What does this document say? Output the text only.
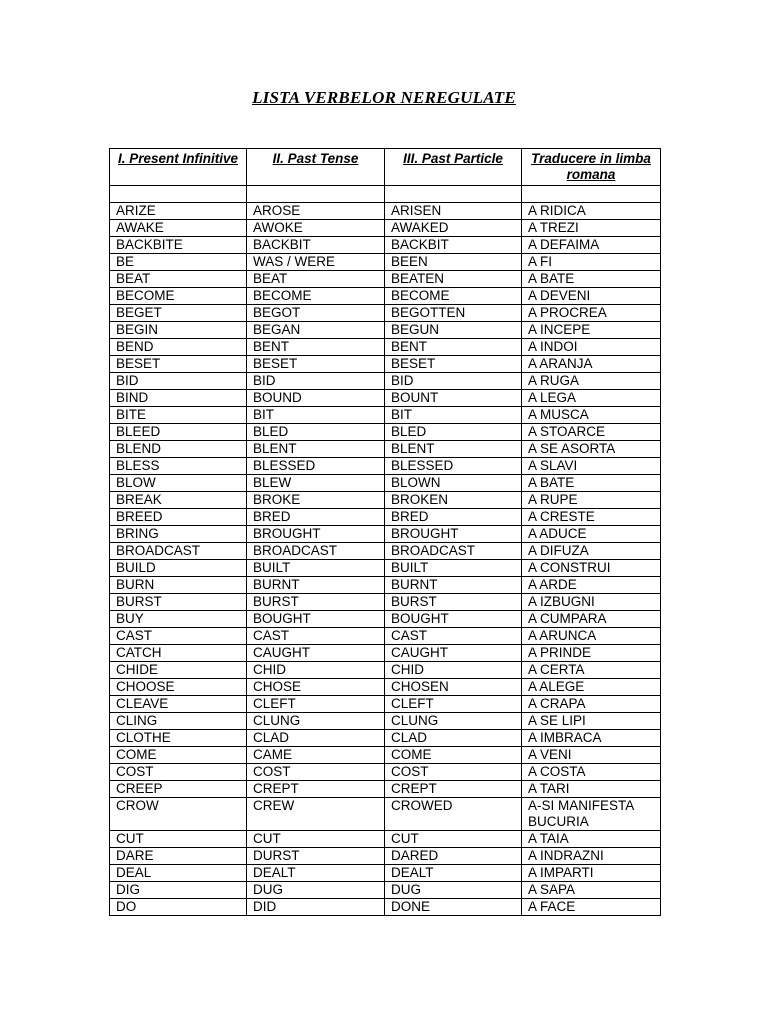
LISTA VERBELOR NEREGULATE
I. Present Infinitive	II. Past Tense	III. Past Particle	Traducere in limba romana

ARIZE	AROSE	ARISEN	A RIDICA
AWAKE	AWOKE	AWAKED	A TREZI
BACKBITE	BACKBIT	BACKBIT	A DEFAIMA
BE	WAS / WERE	BEEN	A FI
BEAT	BEAT	BEATEN	A BATE
BECOME	BECOME	BECOME	A DEVENI
BEGET	BEGOT	BEGOTTEN	A PROCREA
BEGIN	BEGAN	BEGUN	A INCEPE
BEND	BENT	BENT	A INDOI
BESET	BESET	BESET	A ARANJA
BID	BID	BID	A RUGA
BIND	BOUND	BOUNT	A LEGA
BITE	BIT	BIT	A MUSCA
BLEED	BLED	BLED	A STOARCE
BLEND	BLENT	BLENT	A SE ASORTA
BLESS	BLESSED	BLESSED	A SLAVI
BLOW	BLEW	BLOWN	A BATE
BREAK	BROKE	BROKEN	A RUPE
BREED	BRED	BRED	A CRESTE
BRING	BROUGHT	BROUGHT	A ADUCE
BROADCAST	BROADCAST	BROADCAST	A DIFUZA
BUILD	BUILT	BUILT	A CONSTRUI
BURN	BURNT	BURNT	A ARDE
BURST	BURST	BURST	A IZBUGNI
BUY	BOUGHT	BOUGHT	A CUMPARA
CAST	CAST	CAST	A ARUNCA
CATCH	CAUGHT	CAUGHT	A PRINDE
CHIDE	CHID	CHID	A CERTA
CHOOSE	CHOSE	CHOSEN	A ALEGE
CLEAVE	CLEFT	CLEFT	A CRAPA
CLING	CLUNG	CLUNG	A SE LIPI
CLOTHE	CLAD	CLAD	A IMBRACA
COME	CAME	COME	A VENI
COST	COST	COST	A COSTA
CREEP	CREPT	CREPT	A TARI
CROW	CREW	CROWED	A-SI MANIFESTA BUCURIA
CUT	CUT	CUT	A TAIA
DARE	DURST	DARED	A INDRAZNI
DEAL	DEALT	DEALT	A IMPARTI
DIG	DUG	DUG	A SAPA
DO	DID	DONE	A FACE
